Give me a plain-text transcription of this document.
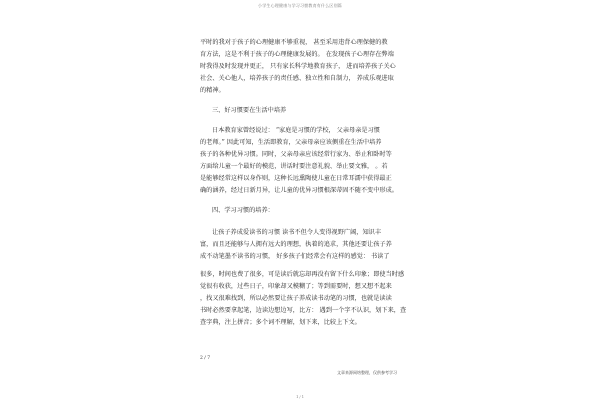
小学生心理健康与学习习惯教育有什么区别篇
平时的我对于孩子的心理健康不够重视， 甚至采用违背心理保健的教
育方法，这是不利于孩子的心理健康发展的。 在发现孩子心理存在弊端
时我得及时发现并更正， 只有家长科学地教育孩子， 进而培养孩子关心
社会、关心他人，培养孩子的责任感、独立性和自制力， 养成乐观进取
的精神。
三、好习惯要在生活中培养
日本教育家曾经说过： “家庭是习惯的学校， 父亲母亲是习惯
的老师。” 因此可知，生活即教育，父亲母亲应该侧重在生活中培养
孩子的各种优异习惯。同时，父亲母亲应该经常行家为、举止和卧时等
方面给儿童一个最好的模范，讲话时要注意礼貌、举止要文雅， 。若
是能够经常这样以身作则，这种长远熏陶使儿童在日常耳濡中获得最正
确的涵养，经过日新月异，让儿童的优异习惯根深蒂固不随不变中形成。
四、学习习惯的培养：
让孩子养成爱读书的习惯 读书不但令人变得视野广阔，知识丰
富，而且还能够与人拥有远大的理想，执着的追求，其他还要让孩子养
成不动笔墨不读书的习惯， 好多孩子们经常会有这样的感觉： 书读了
很多，时间也费了很多，可是读后就忘却再没有留下什么印象；即使当时感
觉很有收获，过些日子，印象却又模糊了；等到需要时，想又想不起来
，找又很难找到，所以必然要让孩子养成读书动笔的习惯，也就是读读
书时必然要拿起笔，边读边想边写，比方： 遇到一个字不认识，划下来，查
查字典，注上拼音；多个词不理解，划下来，比较上下文。
2 / 7
文章来源网络整理，仅供参考学习
1 / 1
